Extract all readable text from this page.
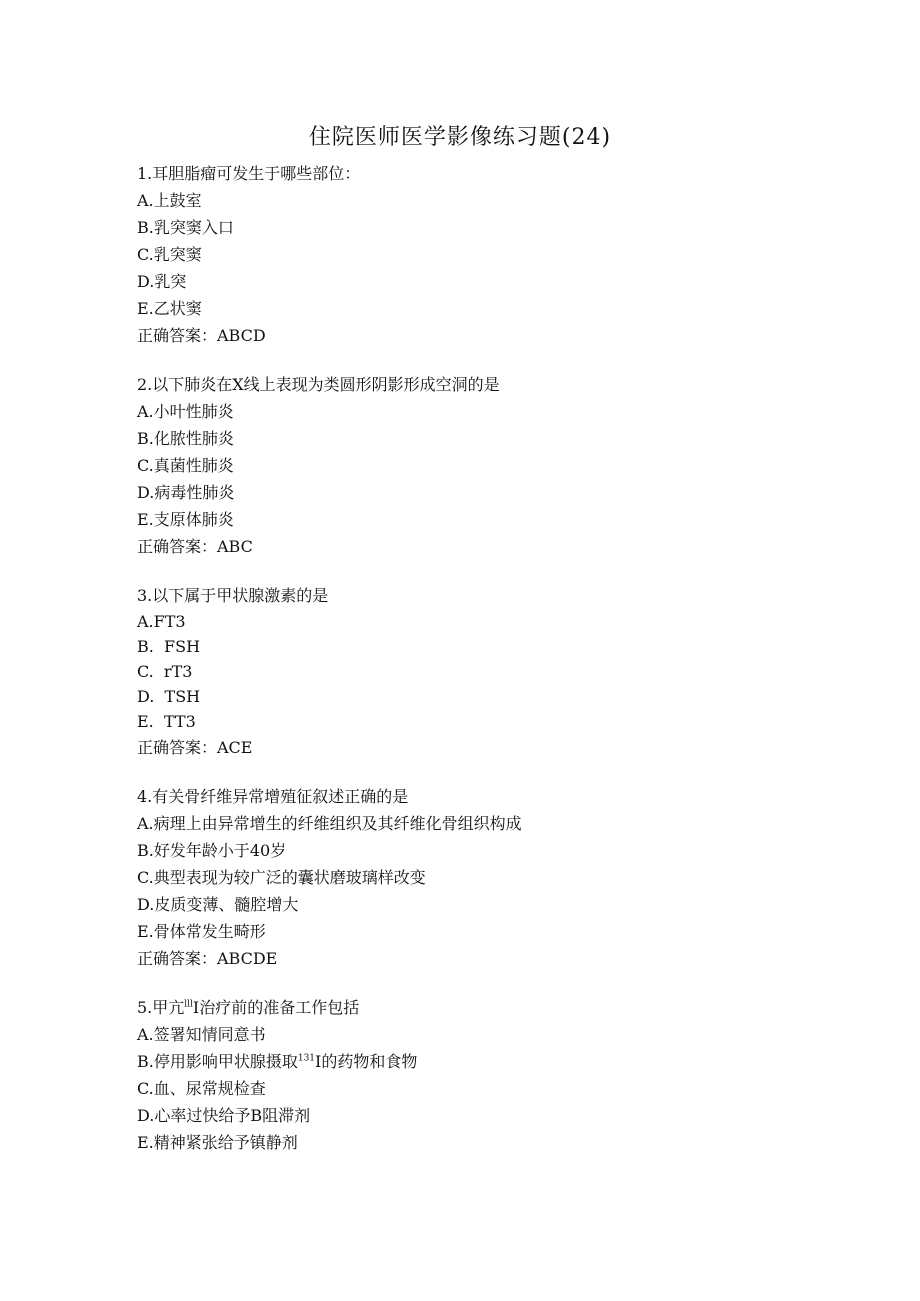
住院医师医学影像练习题(24)
1.耳胆脂瘤可发生于哪些部位：
A.上鼓室
B.乳突窦入口
C.乳突窦
D.乳突
E.乙状窦
正确答案：ABCD
2.以下肺炎在X线上表现为类圆形阴影形成空洞的是
A.小叶性肺炎
B.化脓性肺炎
C.真菌性肺炎
D.病毒性肺炎
E.支原体肺炎
正确答案：ABC
3.以下属于甲状腺激素的是
A.FT3
B.  FSH
C.  rT3
D.  TSH
E.  TT3
正确答案：ACE
4.有关骨纤维异常增殖征叙述正确的是
A.病理上由异常增生的纤维组织及其纤维化骨组织构成
B.好发年龄小于40岁
C.典型表现为较广泛的囊状磨玻璃样改变
D.皮质变薄、髓腔增大
E.骨体常发生畸形
正确答案：ABCDE
5.甲亢$^{lll}$I治疗前的准备工作包括
A.签署知情同意书
B.停用影响甲状腺摄取$^{131}$I的药物和食物
C.血、尿常规检查
D.心率过快给予B阻滞剂
E.精神紧张给予镇静剂
